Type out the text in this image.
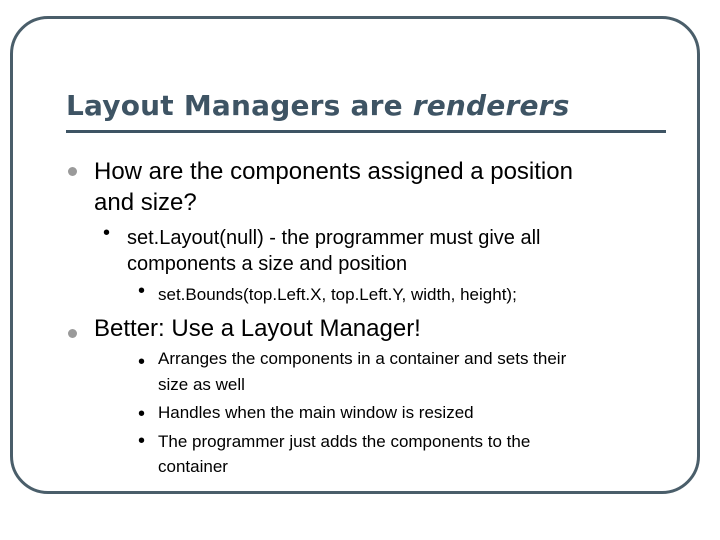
Layout Managers are renderers
How are the components assigned a position
and size?
• set.Layout(null) - the programmer must give all
components a size and position
• set.Bounds(top.Left.X, top.Left.Y, width, height);
Better: Use a Layout Manager!
• Arranges the components in a container and sets their
size as well
• Handles when the main window is resized
• The programmer just adds the components to the
container
